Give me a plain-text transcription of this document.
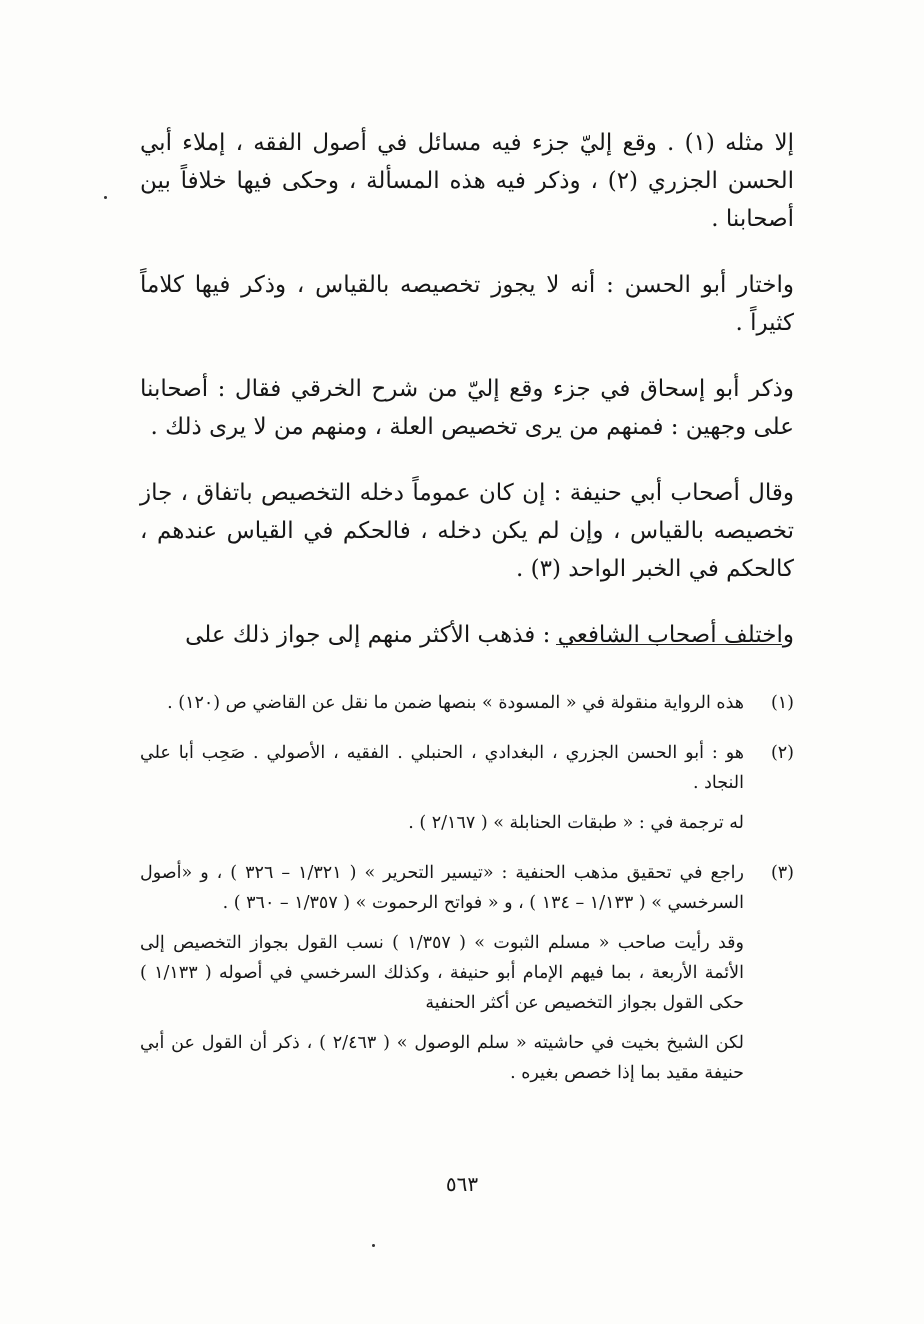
إلا مثله (١) . وقع إليّ جزء فيه مسائل في أصول الفقه ، إملاء أبي الحسن الجزري (٢) ، وذكر فيه هذه المسألة ، وحكى فيها خلافاً بين أصحابنا .

واختار أبو الحسن : أنه لا يجوز تخصيصه بالقياس ، وذكر فيها كلاماً كثيراً .

وذكر أبو إسحاق في جزء وقع إليّ من شرح الخرقي فقال : أصحابنا على وجهين : فمنهم من يرى تخصيص العلة ، ومنهم من لا يرى ذلك .

وقال أصحاب أبي حنيفة : إن كان عموماً دخله التخصيص باتفاق ، جاز تخصيصه بالقياس ، وإن لم يكن دخله ، فالحكم في القياس عندهم ، كالحكم في الخبر الواحد (٣) .

واختلف أصحاب الشافعي : فذهب الأكثر منهم إلى جواز ذلك على

(١)

هذه الرواية منقولة في « المسودة » بنصها ضمن ما نقل عن القاضي ص (١٢٠) .

(٢)

هو : أبو الحسن الجزري ، البغدادي ، الحنبلي . الفقيه ، الأصولي . صَحِب أبا علي النجاد .

له ترجمة في : « طبقات الحنابلة » ( ٢/١٦٧ ) .

(٣)

راجع في تحقيق مذهب الحنفية : «تيسير التحرير » ( ١/٣٢١ – ٣٢٦ ) ، و «أصول السرخسي » ( ١/١٣٣ – ١٣٤ ) ، و « فواتح الرحموت » ( ١/٣٥٧ – ٣٦٠ ) .

وقد رأيت صاحب « مسلم الثبوت » ( ١/٣٥٧ ) نسب القول بجواز التخصيص إلى الأئمة الأربعة ، بما فيهم الإمام أبو حنيفة ، وكذلك السرخسي في أصوله ( ١/١٣٣ ) حكى القول بجواز التخصيص عن أكثر الحنفية

لكن الشيخ بخيت في حاشيته « سلم الوصول » ( ٢/٤٦٣ ) ، ذكر أن القول عن أبي حنيفة مقيد بما إذا خصص بغيره .

٥٦٣
